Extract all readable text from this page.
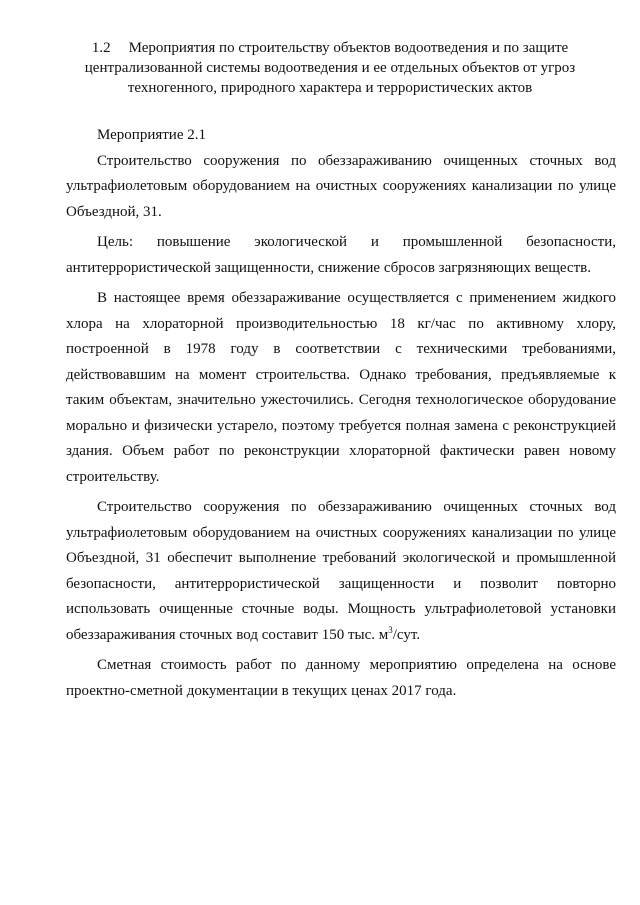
1.2 Мероприятия по строительству объектов водоотведения и по защите централизованной системы водоотведения и ее отдельных объектов от угроз техногенного, природного характера и террористических актов

Мероприятие 2.1

Строительство сооружения по обеззараживанию очищенных сточных вод ультрафиолетовым оборудованием на очистных сооружениях канализации по улице Объездной, 31.

Цель: повышение экологической и промышленной безопасности, антитеррористической защищенности, снижение сбросов загрязняющих веществ.

В настоящее время обеззараживание осуществляется с применением жидкого хлора на хлораторной производительностью 18 кг/час по активному хлору, построенной в 1978 году в соответствии с техническими требованиями, действовавшим на момент строительства. Однако требования, предъявляемые к таким объектам, значительно ужесточились. Сегодня технологическое оборудование морально и физически устарело, поэтому требуется полная замена с реконструкцией здания. Объем работ по реконструкции хлораторной фактически равен новому строительству.

Строительство сооружения по обеззараживанию очищенных сточных вод ультрафиолетовым оборудованием на очистных сооружениях канализации по улице Объездной, 31 обеспечит выполнение требований экологической и промышленной безопасности, антитеррористической защищенности и позволит повторно использовать очищенные сточные воды. Мощность ультрафиолетовой установки обеззараживания сточных вод составит 150 тыс. $м^3$/сут.

Сметная стоимость работ по данному мероприятию определена на основе проектно-сметной документации в текущих ценах 2017 года.
